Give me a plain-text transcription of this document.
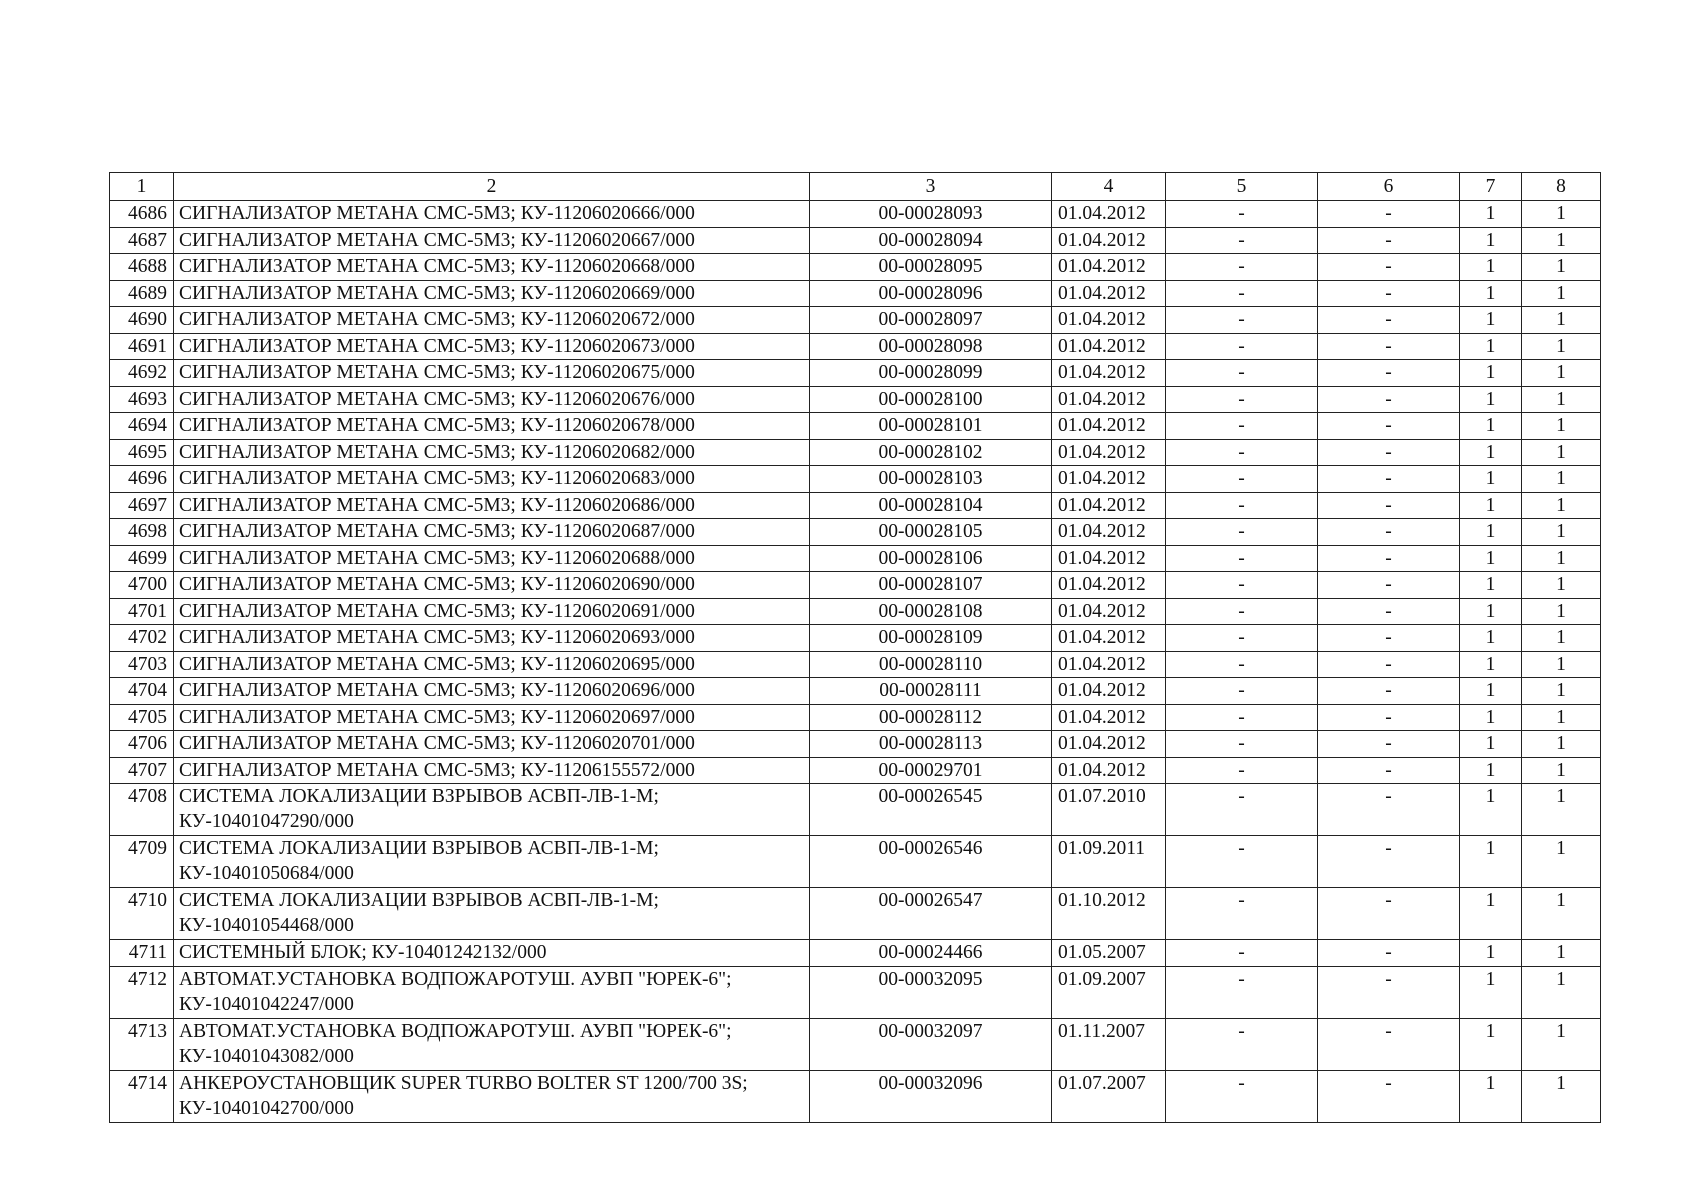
1	2	3	4	5	6	7	8
4686	СИГНАЛИЗАТОР МЕТАНА СМС-5М3; КУ-11206020666/000	00-00028093	01.04.2012	-	-	1	1
4687	СИГНАЛИЗАТОР МЕТАНА СМС-5М3; КУ-11206020667/000	00-00028094	01.04.2012	-	-	1	1
4688	СИГНАЛИЗАТОР МЕТАНА СМС-5М3; КУ-11206020668/000	00-00028095	01.04.2012	-	-	1	1
4689	СИГНАЛИЗАТОР МЕТАНА СМС-5М3; КУ-11206020669/000	00-00028096	01.04.2012	-	-	1	1
4690	СИГНАЛИЗАТОР МЕТАНА СМС-5М3; КУ-11206020672/000	00-00028097	01.04.2012	-	-	1	1
4691	СИГНАЛИЗАТОР МЕТАНА СМС-5М3; КУ-11206020673/000	00-00028098	01.04.2012	-	-	1	1
4692	СИГНАЛИЗАТОР МЕТАНА СМС-5М3; КУ-11206020675/000	00-00028099	01.04.2012	-	-	1	1
4693	СИГНАЛИЗАТОР МЕТАНА СМС-5М3; КУ-11206020676/000	00-00028100	01.04.2012	-	-	1	1
4694	СИГНАЛИЗАТОР МЕТАНА СМС-5М3; КУ-11206020678/000	00-00028101	01.04.2012	-	-	1	1
4695	СИГНАЛИЗАТОР МЕТАНА СМС-5М3; КУ-11206020682/000	00-00028102	01.04.2012	-	-	1	1
4696	СИГНАЛИЗАТОР МЕТАНА СМС-5М3; КУ-11206020683/000	00-00028103	01.04.2012	-	-	1	1
4697	СИГНАЛИЗАТОР МЕТАНА СМС-5М3; КУ-11206020686/000	00-00028104	01.04.2012	-	-	1	1
4698	СИГНАЛИЗАТОР МЕТАНА СМС-5М3; КУ-11206020687/000	00-00028105	01.04.2012	-	-	1	1
4699	СИГНАЛИЗАТОР МЕТАНА СМС-5М3; КУ-11206020688/000	00-00028106	01.04.2012	-	-	1	1
4700	СИГНАЛИЗАТОР МЕТАНА СМС-5М3; КУ-11206020690/000	00-00028107	01.04.2012	-	-	1	1
4701	СИГНАЛИЗАТОР МЕТАНА СМС-5М3; КУ-11206020691/000	00-00028108	01.04.2012	-	-	1	1
4702	СИГНАЛИЗАТОР МЕТАНА СМС-5М3; КУ-11206020693/000	00-00028109	01.04.2012	-	-	1	1
4703	СИГНАЛИЗАТОР МЕТАНА СМС-5М3; КУ-11206020695/000	00-00028110	01.04.2012	-	-	1	1
4704	СИГНАЛИЗАТОР МЕТАНА СМС-5М3; КУ-11206020696/000	00-00028111	01.04.2012	-	-	1	1
4705	СИГНАЛИЗАТОР МЕТАНА СМС-5М3; КУ-11206020697/000	00-00028112	01.04.2012	-	-	1	1
4706	СИГНАЛИЗАТОР МЕТАНА СМС-5М3; КУ-11206020701/000	00-00028113	01.04.2012	-	-	1	1
4707	СИГНАЛИЗАТОР МЕТАНА СМС-5М3; КУ-11206155572/000	00-00029701	01.04.2012	-	-	1	1
4708	СИСТЕМА ЛОКАЛИЗАЦИИ ВЗРЫВОВ АСВП-ЛВ-1-М; КУ-10401047290/000	00-00026545	01.07.2010	-	-	1	1
4709	СИСТЕМА ЛОКАЛИЗАЦИИ ВЗРЫВОВ АСВП-ЛВ-1-М; КУ-10401050684/000	00-00026546	01.09.2011	-	-	1	1
4710	СИСТЕМА ЛОКАЛИЗАЦИИ ВЗРЫВОВ АСВП-ЛВ-1-М; КУ-10401054468/000	00-00026547	01.10.2012	-	-	1	1
4711	СИСТЕМНЫЙ БЛОК; КУ-10401242132/000	00-00024466	01.05.2007	-	-	1	1
4712	АВТОМАТ.УСТАНОВКА ВОДПОЖАРОТУШ. АУВП "ЮРЕК-6"; КУ-10401042247/000	00-00032095	01.09.2007	-	-	1	1
4713	АВТОМАТ.УСТАНОВКА ВОДПОЖАРОТУШ. АУВП "ЮРЕК-6"; КУ-10401043082/000	00-00032097	01.11.2007	-	-	1	1
4714	АНКЕРОУСТАНОВЩИК SUPER TURBO BOLTER ST 1200/700 3S; КУ-10401042700/000	00-00032096	01.07.2007	-	-	1	1
